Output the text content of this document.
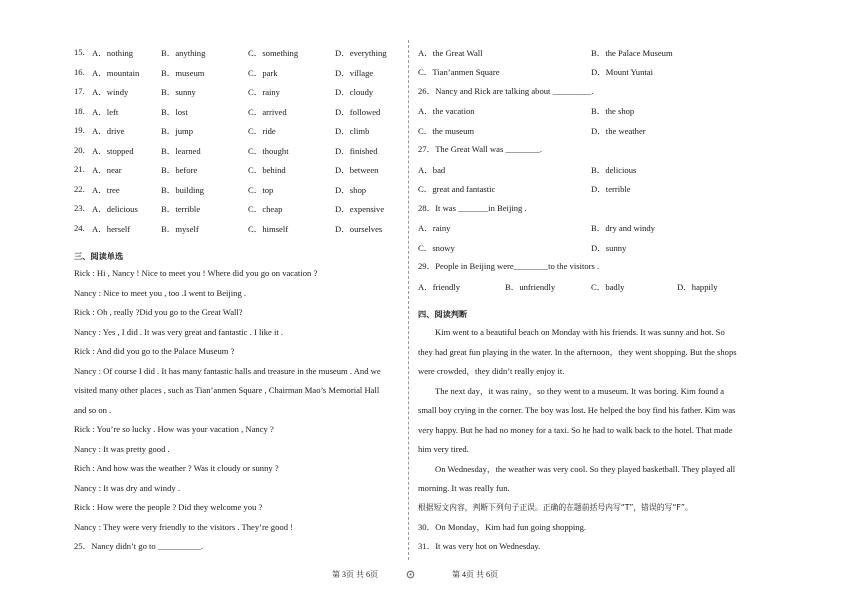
15. A．nothing	B．anything	C．something	D．everything
16. A．mountain	B．museum	C．park	D．village
17. A．windy	B．sunny	C．rainy	D．cloudy
18. A．left	B．lost	C．arrived	D．followed
19. A．drive	B．jump	C．ride	D．climb
20. A．stopped	B．learned	C．thought	D．finished
21. A．near	B．before	C．behind	D．between
22. A．tree	B．building	C．top	D．shop
23. A．delicious	B．terrible	C．cheap	D．expensive
24. A．herself	B．myself	C．himself	D．ourselves
三、阅读单选
Rick : Hi , Nancy ! Nice to meet you ! Where did you go on vacation ?
Nancy : Nice to meet you , too .I went to Beijing .
Rick : Oh , really ?Did you go to the Great Wall?
Nancy : Yes , I did . It was very great and fantastic . I like it .
Rick : And did you go to the Palace Museum ?
Nancy : Of course I did . It has many fantastic halls and treasure in the museum . And we
visited many other places , such as Tian’anmen Square , Chairman Mao’s Memorial Hall
and so on .
Rick : You’re so lucky . How was your vacation , Nancy ?
Nancy : It was pretty good .
Rich : And how was the weather ? Was it cloudy or sunny ?
Nancy : It was dry and windy .
Rick : How were the people ? Did they welcome you ?
Nancy : They were very friendly to the visitors . They’re good !
25．Nancy didn’t go to __________.
A．the Great Wall	B．the Palace Museum
C．Tian’anmen Square	D．Mount Yuntai
26．Nancy and Rick are talking about _________.
A．the vacation	B．the shop
C．the museum	D．the weather
27．The Great Wall was ________.
A．bad	B．delicious
C．great and fantastic	D．terrible
28．It was _______in Beijing .
A．rainy	B．dry and windy
C．snowy	D．sunny
29．People in Beijing were________to the visitors .
A．friendly	B．unfriendly	C．badly	D．happily
四、阅读判断
Kim went to a beautiful beach on Monday with his friends. It was sunny and hot. So
they had great fun playing in the water. In the afternoon，they went shopping. But the shops
were crowded，they didn’t really enjoy it.
The next day，it was rainy，so they went to a museum. It was boring. Kim found a
small boy crying in the corner. The boy was lost. He helped the boy find his father. Kim was
very happy. But he had no money for a taxi. So he had to walk back to the hotel. That made
him very tired.
On Wednesday，the weather was very cool. So they played basketball. They played all
morning. It was really fun.
根据短文内容，判断下列句子正误。正确的在题前括号内写“T”，错误的写“F”。
30．On Monday，Kim had fun going shopping.
31．It was very hot on Wednesday.
第 3页 共 6页	第 4页 共 6页
